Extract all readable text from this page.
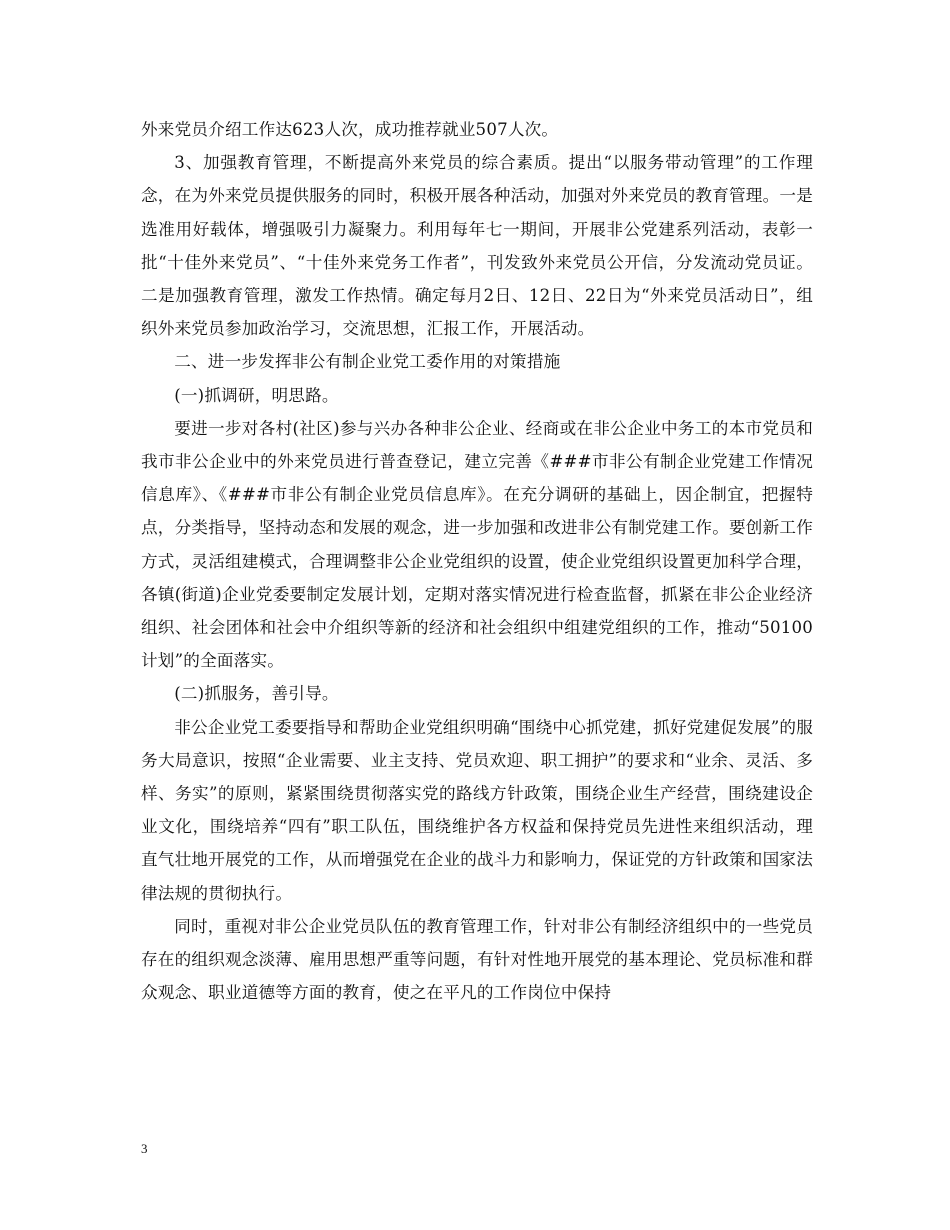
外来党员介绍工作达623人次，成功推荐就业507人次。

3、加强教育管理，不断提高外来党员的综合素质。提出“以服务带动管理”的工作理念，在为外来党员提供服务的同时，积极开展各种活动，加强对外来党员的教育管理。一是选准用好载体，增强吸引力凝聚力。利用每年七一期间，开展非公党建系列活动，表彰一批“十佳外来党员”、“十佳外来党务工作者”，刊发致外来党员公开信，分发流动党员证。二是加强教育管理，激发工作热情。确定每月2日、12日、22日为“外来党员活动日”，组织外来党员参加政治学习，交流思想，汇报工作，开展活动。

二、进一步发挥非公有制企业党工委作用的对策措施

(一)抓调研，明思路。

要进一步对各村(社区)参与兴办各种非公企业、经商或在非公企业中务工的本市党员和我市非公企业中的外来党员进行普查登记，建立完善《###市非公有制企业党建工作情况信息库》、《###市非公有制企业党员信息库》。在充分调研的基础上，因企制宜，把握特点，分类指导，坚持动态和发展的观念，进一步加强和改进非公有制党建工作。要创新工作方式，灵活组建模式，合理调整非公企业党组织的设置，使企业党组织设置更加科学合理，各镇(街道)企业党委要制定发展计划，定期对落实情况进行检查监督，抓紧在非公企业经济组织、社会团体和社会中介组织等新的经济和社会组织中组建党组织的工作，推动“50100计划”的全面落实。

(二)抓服务，善引导。

非公企业党工委要指导和帮助企业党组织明确“围绕中心抓党建，抓好党建促发展”的服务大局意识，按照“企业需要、业主支持、党员欢迎、职工拥护”的要求和“业余、灵活、多样、务实”的原则，紧紧围绕贯彻落实党的路线方针政策，围绕企业生产经营，围绕建设企业文化，围绕培养“四有”职工队伍，围绕维护各方权益和保持党员先进性来组织活动，理直气壮地开展党的工作，从而增强党在企业的战斗力和影响力，保证党的方针政策和国家法律法规的贯彻执行。

同时，重视对非公企业党员队伍的教育管理工作，针对非公有制经济组织中的一些党员存在的组织观念淡薄、雇用思想严重等问题，有针对性地开展党的基本理论、党员标准和群众观念、职业道德等方面的教育，使之在平凡的工作岗位中保持

3
